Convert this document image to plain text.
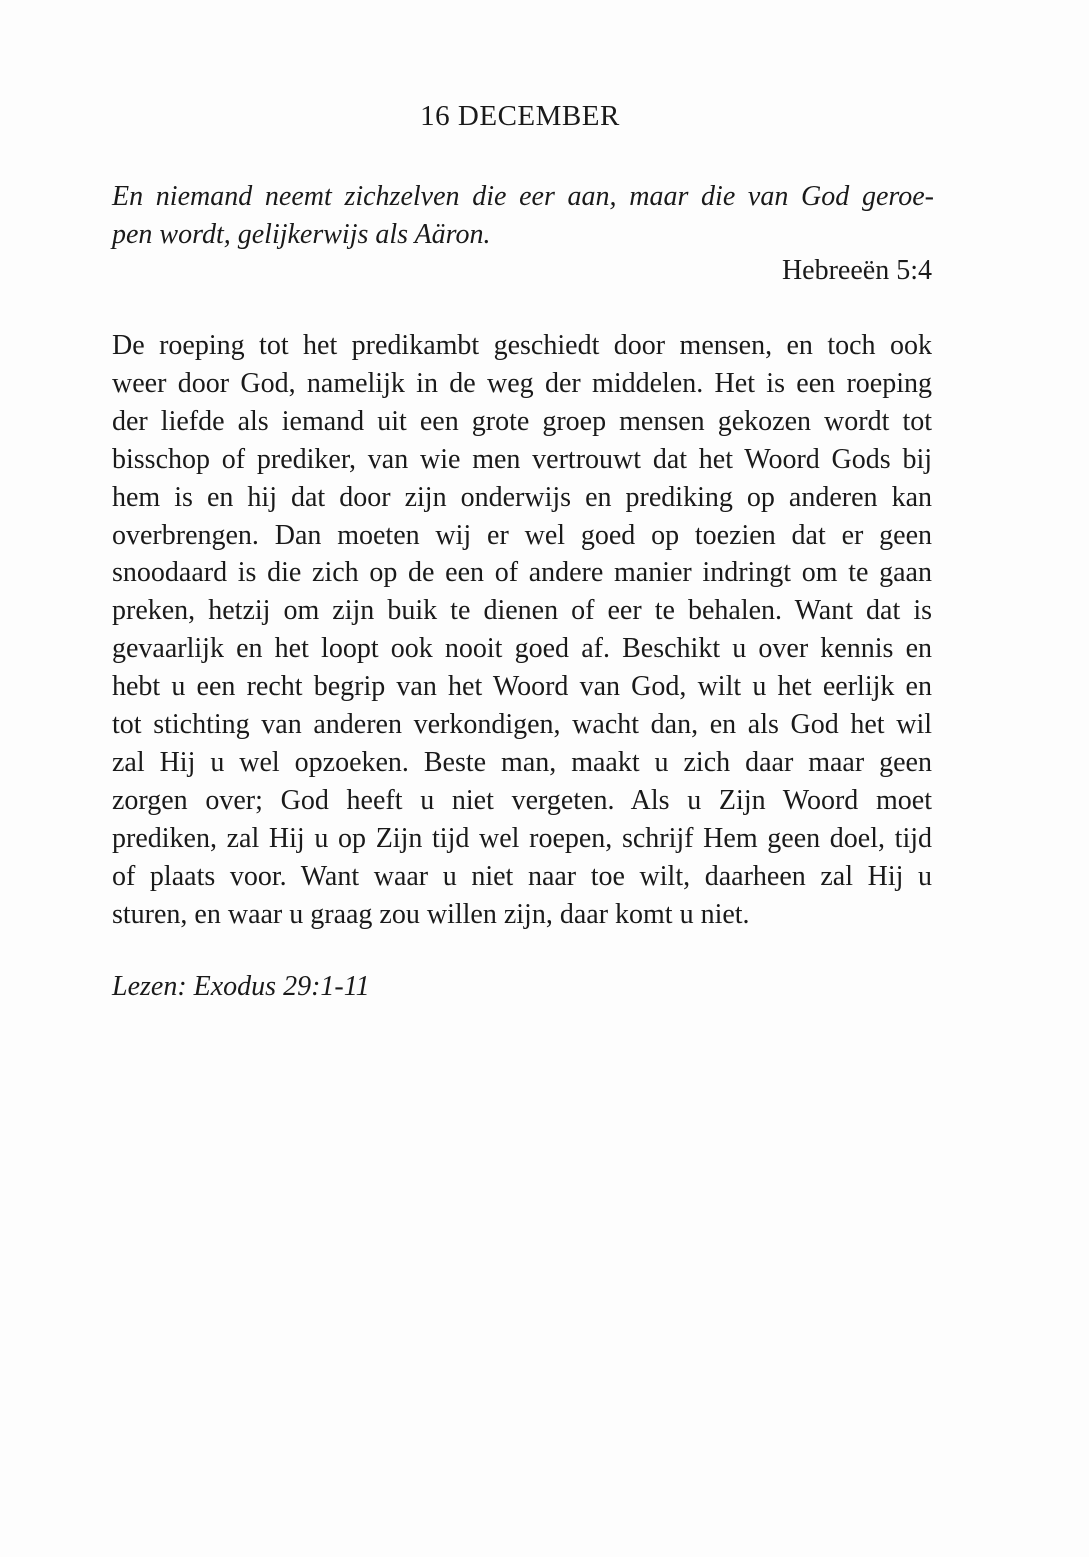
16 DECEMBER
En niemand neemt zichzelven die eer aan, maar die van God geroe-
pen wordt, gelijkerwijs als Aäron.
Hebreeën 5:4
De roeping tot het predikambt geschiedt door mensen, en toch ook
weer door God, namelijk in de weg der middelen. Het is een roeping
der liefde als iemand uit een grote groep mensen gekozen wordt tot
bisschop of prediker, van wie men vertrouwt dat het Woord Gods bij
hem is en hij dat door zijn onderwijs en prediking op anderen kan
overbrengen. Dan moeten wij er wel goed op toezien dat er geen
snoodaard is die zich op de een of andere manier indringt om te gaan
preken, hetzij om zijn buik te dienen of eer te behalen. Want dat is
gevaarlijk en het loopt ook nooit goed af. Beschikt u over kennis en
hebt u een recht begrip van het Woord van God, wilt u het eerlijk en
tot stichting van anderen verkondigen, wacht dan, en als God het wil
zal Hij u wel opzoeken. Beste man, maakt u zich daar maar geen
zorgen over; God heeft u niet vergeten. Als u Zijn Woord moet
prediken, zal Hij u op Zijn tijd wel roepen, schrijf Hem geen doel, tijd
of plaats voor. Want waar u niet naar toe wilt, daarheen zal Hij u
sturen, en waar u graag zou willen zijn, daar komt u niet.
Lezen: Exodus 29:1-11
